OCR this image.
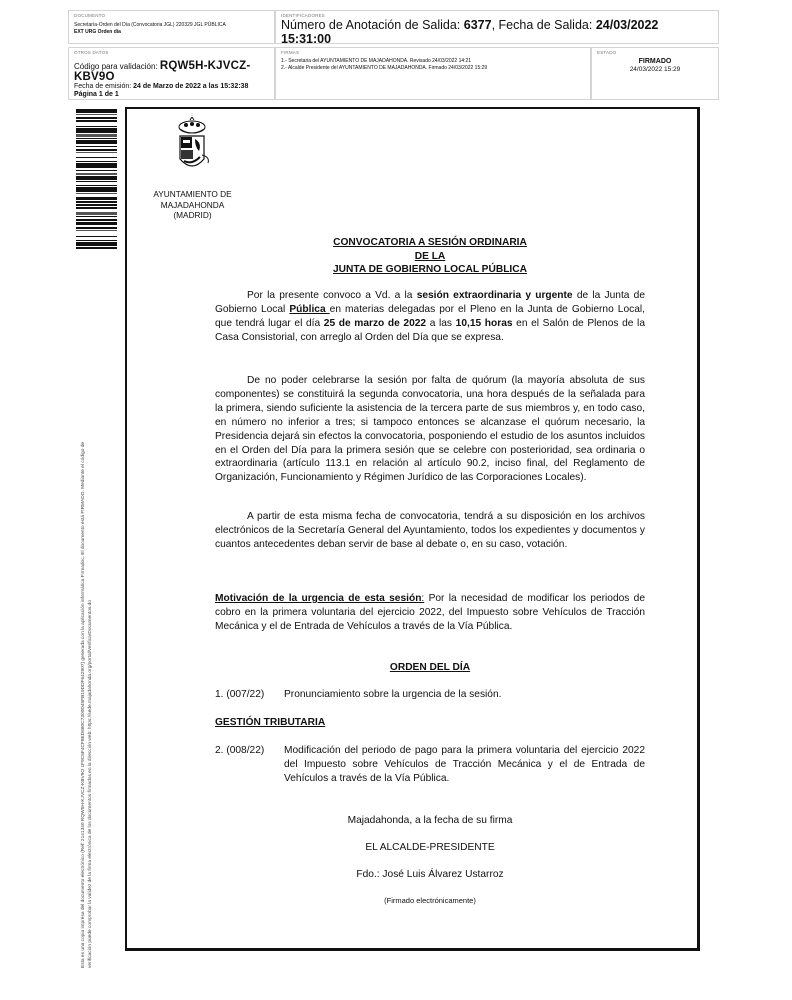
DOCUMENTO
Secretaría-Orden del Día (Convocatoria JGL) 220329 JGL PÚBLICA
EXT URG Orden día
IDENTIFICADORES
Número de Anotación de Salida: 6377, Fecha de Salida: 24/03/2022
15:31:00
OTROS DATOS
Código para validación: RQW5H-KJVCZ-KBV9O
Fecha de emisión: 24 de Marzo de 2022 a las 15:32:38
Página 1 de 1
FIRMAS
1.- Secretaria del AYUNTAMIENTO DE MAJADAHONDA. Revisado 24/03/2022 14:21
2.- Alcalde Presidente del AYUNTAMIENTO DE MAJADAHONDA. Firmado 24/03/2022 15:29
ESTADO
FIRMADO
24/03/2022 15:29
Esta es una copia impresa del documento electrónico (Ref: 2141340 RQW5H-KJVCZ-KBV9O 1F9C5F4CF8ED680C7300D45FB19DDF642907) generada con la aplicación informática Firmadoc. El documento está FIRMADO. Mediante el código de verificación puede comprobar la validez de la firma electrónica de los documentos firmados en la dirección web: https://sede.majadahonda.org/portal/VerificarDocumentos.do
AYUNTAMIENTO DE
MAJADAHONDA
(MADRID)
CONVOCATORIA A SESIÓN ORDINARIA
DE LA
JUNTA DE GOBIERNO LOCAL PÚBLICA
Por la presente convoco a Vd. a la sesión extraordinaria y urgente de la Junta de Gobierno Local Pública en materias delegadas por el Pleno en la Junta de Gobierno Local, que tendrá lugar el día 25 de marzo de 2022 a las 10,15 horas en el Salón de Plenos de la Casa Consistorial, con arreglo al Orden del Día que se expresa.
De no poder celebrarse la sesión por falta de quórum (la mayoría absoluta de sus componentes) se constituirá la segunda convocatoria, una hora después de la señalada para la primera, siendo suficiente la asistencia de la tercera parte de sus miembros y, en todo caso, en número no inferior a tres; si tampoco entonces se alcanzase el quórum necesario, la Presidencia dejará sin efectos la convocatoria, posponiendo el estudio de los asuntos incluidos en el Orden del Día para la primera sesión que se celebre con posterioridad, sea ordinaria o extraordinaria (artículo 113.1 en relación al artículo 90.2, inciso final, del Reglamento de Organización, Funcionamiento y Régimen Jurídico de las Corporaciones Locales).
A partir de esta misma fecha de convocatoria, tendrá a su disposición en los archivos electrónicos de la Secretaría General del Ayuntamiento, todos los expedientes y documentos y cuantos antecedentes deban servir de base al debate o, en su caso, votación.
Motivación de la urgencia de esta sesión: Por la necesidad de modificar los periodos de cobro en la primera voluntaria del ejercicio 2022, del Impuesto sobre Vehículos de Tracción Mecánica y el de Entrada de Vehículos a través de la Vía Pública.
ORDEN DEL DÍA
1. (007/22)	Pronunciamiento sobre la urgencia de la sesión.
GESTIÓN TRIBUTARIA
2. (008/22)	Modificación del periodo de pago para la primera voluntaria del ejercicio 2022 del Impuesto sobre Vehículos de Tracción Mecánica y el de Entrada de Vehículos a través de la Vía Pública.
Majadahonda, a la fecha de su firma
EL ALCALDE-PRESIDENTE
Fdo.: José Luis Álvarez Ustarroz
(Firmado electrónicamente)
